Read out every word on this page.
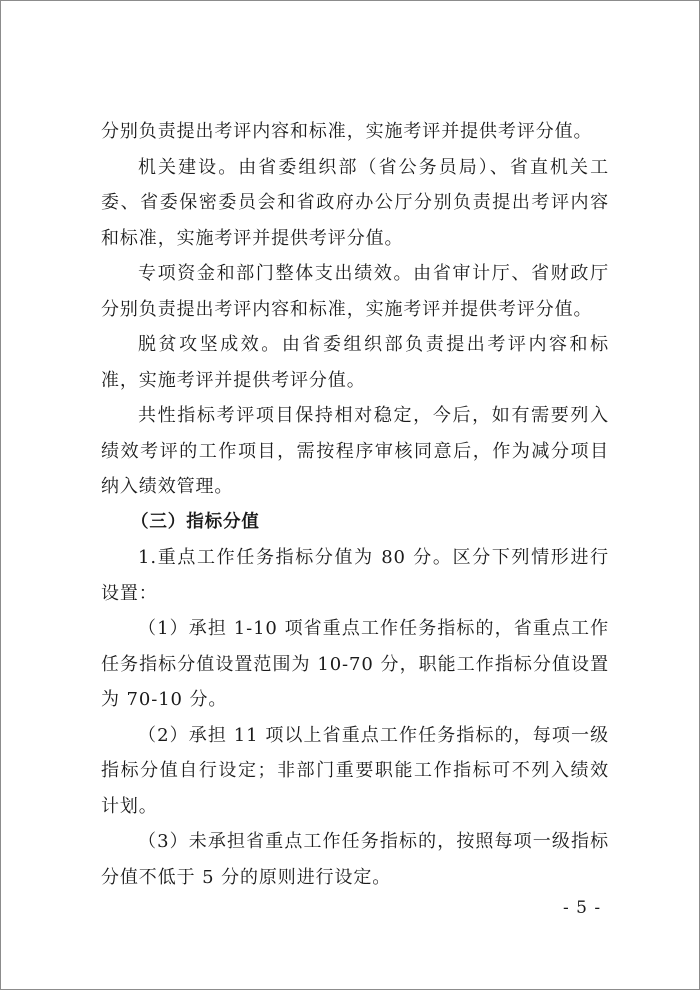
分别负责提出考评内容和标准，实施考评并提供考评分值。

机关建设。由省委组织部（省公务员局）、省直机关工委、省委保密委员会和省政府办公厅分别负责提出考评内容和标准，实施考评并提供考评分值。

专项资金和部门整体支出绩效。由省审计厅、省财政厅分别负责提出考评内容和标准，实施考评并提供考评分值。

脱贫攻坚成效。由省委组织部负责提出考评内容和标准，实施考评并提供考评分值。

共性指标考评项目保持相对稳定，今后，如有需要列入绩效考评的工作项目，需按程序审核同意后，作为减分项目纳入绩效管理。

（三）指标分值

1.重点工作任务指标分值为 80 分。区分下列情形进行设置：

（1）承担 1-10 项省重点工作任务指标的，省重点工作任务指标分值设置范围为 10-70 分，职能工作指标分值设置为 70-10 分。

（2）承担 11 项以上省重点工作任务指标的，每项一级指标分值自行设定；非部门重要职能工作指标可不列入绩效计划。

（3）未承担省重点工作任务指标的，按照每项一级指标分值不低于 5 分的原则进行设定。

- 5 -
